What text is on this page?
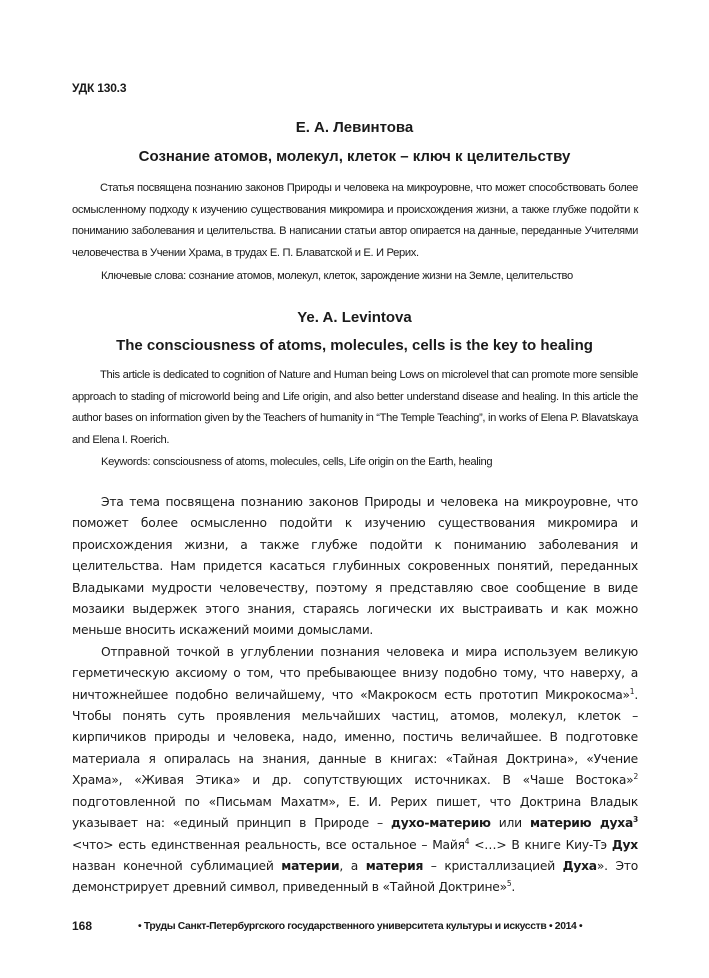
УДК 130.3
Е. А. Левинтова
Сознание атомов, молекул, клеток – ключ к целительству

Статья посвящена познанию законов Природы и человека на микроуровне, что может способствовать более осмысленному подходу к изучению существования микромира и происхождения жизни, а также глубже подойти к пониманию заболевания и целительства. В написании статьи автор опирается на данные, переданные Учителями человечества в Учении Храма, в трудах Е. П. Блаватской и Е. И Рерих.

Ключевые слова: сознание атомов, молекул, клеток, зарождение жизни на Земле, целительство
Ye. A. Levintova
The consciousness of atoms, molecules, cells is the key to healing

This article is dedicated to cognition of Nature and Human being Lows on microlevel that can promote more sensible approach to stading of microworld being and Life origin, and also better understand disease and healing. In this article the author bases on information given by the Teachers of humanity in “The Temple Teaching”, in works of Elena P. Blavatskaya and Elena I. Roerich.

Keywords: consciousness of atoms, molecules, cells, Life origin on the Earth, healing

Эта тема посвящена познанию законов Природы и человека на микроуровне, что поможет более осмысленно подойти к изучению существования микромира и происхождения жизни, а также глубже подойти к пониманию заболевания и целительства. Нам придется касаться глубинных сокровенных понятий, переданных Владыками мудрости человечеству, поэтому я представляю свое сообщение в виде мозаики выдержек этого знания, стараясь логически их выстраивать и как можно меньше вносить искажений моими домыслами.

Отправной точкой в углублении познания человека и мира используем великую герметическую аксиому о том, что пребывающее внизу подобно тому, что наверху, а ничтожнейшее подобно величайшему, что «Макрокосм есть прототип Микрокосма»$^1$. Чтобы понять суть проявления мельчайших частиц, атомов, молекул, клеток – кирпичиков природы и человека, надо, именно, постичь величайшее. В подготовке материала я опиралась на знания, данные в книгах: «Тайная Доктрина», «Учение Храма», «Живая Этика» и др. сопутствующих источниках. В «Чаше Востока»$^2$ подготовленной по «Письмам Махатм», Е. И. Рерих пишет, что Доктрина Владык указывает на: «единый принцип в Природе – духо-материю или материю духа$^3$ <что> есть единственная реальность, все остальное – Майя$^4$ <…> В книге Киу-Тэ Дух назван конечной сублимацией материи, а материя – кристаллизацией Духа». Это демонстрирует древний символ, приведенный в «Тайной Доктрине»$^5$.

168	• Труды Санкт-Петербургского государственного университета культуры и искусств • 2014 •
